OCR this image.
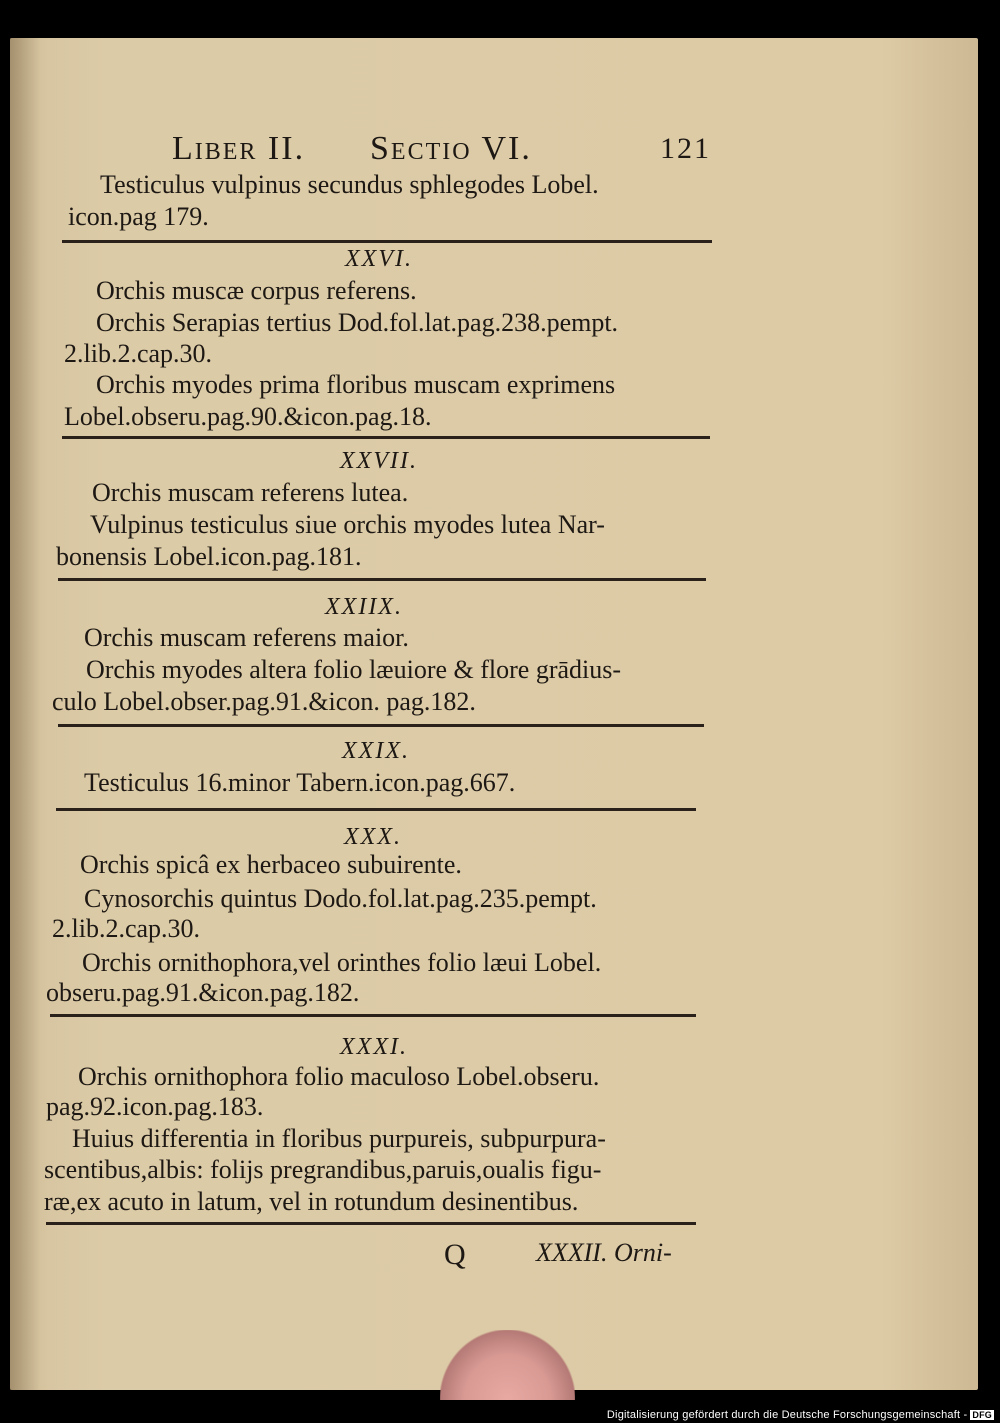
Liber II. Sectio VI.	121
Testiculus vulpinus secundus sphlegodes Lobel.
icon.pag 179.
XXVI.
Orchis muscæ corpus referens.
Orchis Serapias tertius Dod.fol.lat.pag.238.pempt.
2.lib.2.cap.30.
Orchis myodes prima floribus muscam exprimens
Lobel.obseru.pag.90.&icon.pag.18.
XXVII.
Orchis muscam referens lutea.
Vulpinus testiculus siue orchis myodes lutea Nar-
bonensis Lobel.icon.pag.181.
XXIIX.
Orchis muscam referens maior.
Orchis myodes altera folio læuiore & flore grādius-
culo Lobel.obser.pag.91.&icon. pag.182.
XXIX.
Testiculus 16.minor Tabern.icon.pag.667.
XXX.
Orchis spicâ ex herbaceo subuirente.
Cynosorchis quintus Dodo.fol.lat.pag.235.pempt.
2.lib.2.cap.30.
Orchis ornithophora,vel orinthes folio læui Lobel.
obseru.pag.91.&icon.pag.182.
XXXI.
Orchis ornithophora folio maculoso Lobel.obseru.
pag.92.icon.pag.183.
Huius differentia in floribus purpureis, subpurpura-
scentibus,albis: folijs pregrandibus,paruis,oualis figu-
ræ,ex acuto in latum, vel in rotundum desinentibus.
Q	XXXII. Orni-
Digitalisierung gefördert durch die Deutsche Forschungsgemeinschaft - DFG
